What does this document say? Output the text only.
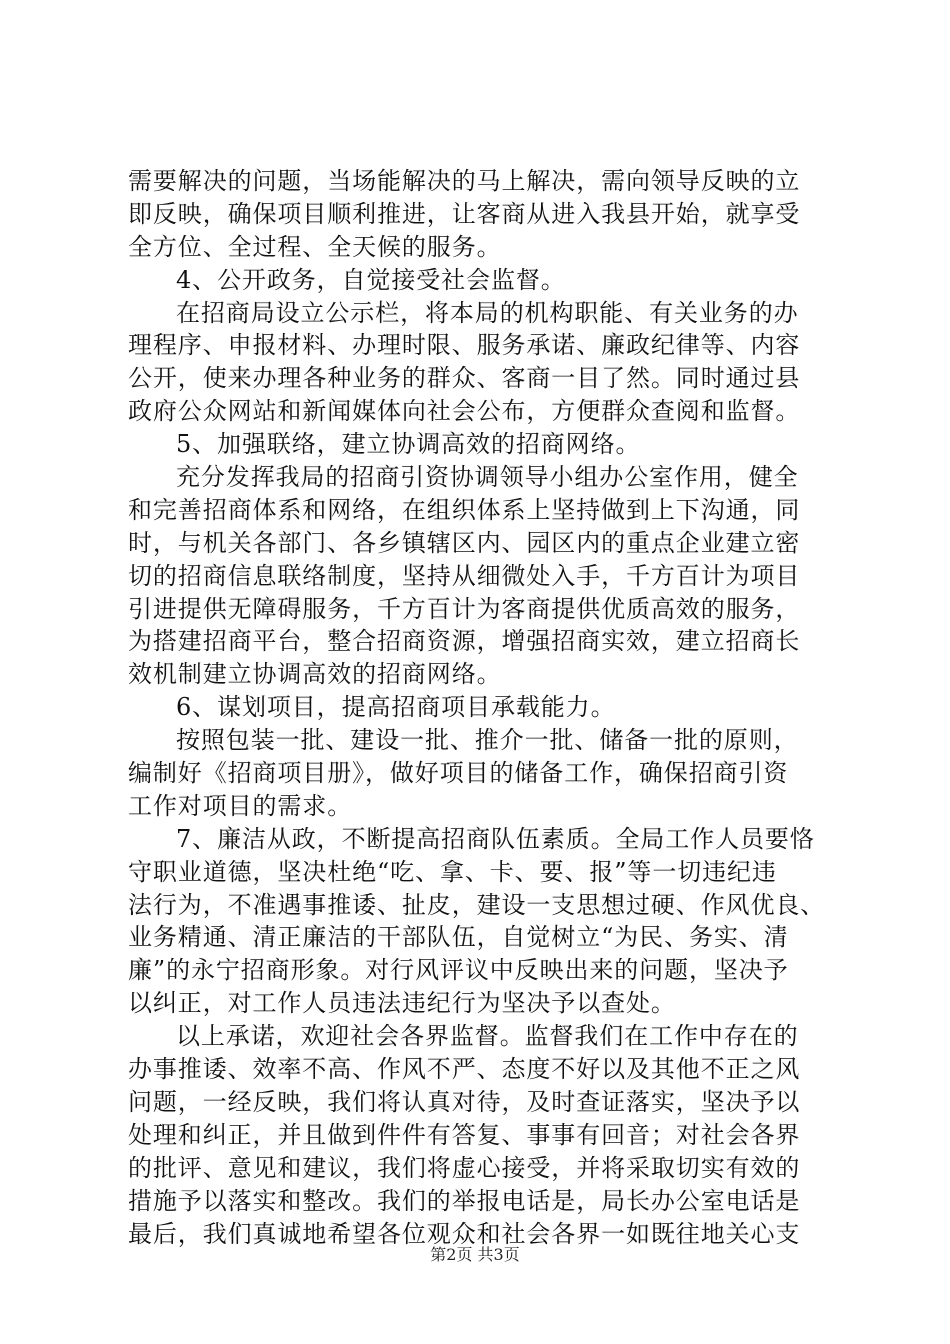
需要解决的问题，当场能解决的马上解决，需向领导反映的立
即反映，确保项目顺利推进，让客商从进入我县开始，就享受
全方位、全过程、全天候的服务。
4、公开政务，自觉接受社会监督。
在招商局设立公示栏，将本局的机构职能、有关业务的办
理程序、申报材料、办理时限、服务承诺、廉政纪律等、内容
公开，使来办理各种业务的群众、客商一目了然。同时通过县
政府公众网站和新闻媒体向社会公布，方便群众查阅和监督。
5、加强联络，建立协调高效的招商网络。
充分发挥我局的招商引资协调领导小组办公室作用，健全
和完善招商体系和网络，在组织体系上坚持做到上下沟通，同
时，与机关各部门、各乡镇辖区内、园区内的重点企业建立密
切的招商信息联络制度，坚持从细微处入手，千方百计为项目
引进提供无障碍服务，千方百计为客商提供优质高效的服务，
为搭建招商平台，整合招商资源，增强招商实效，建立招商长
效机制建立协调高效的招商网络。
6、谋划项目，提高招商项目承载能力。
按照包装一批、建设一批、推介一批、储备一批的原则，
编制好《招商项目册》，做好项目的储备工作，确保招商引资
工作对项目的需求。
7、廉洁从政，不断提高招商队伍素质。全局工作人员要恪
守职业道德，坚决杜绝“吃、拿、卡、要、报”等一切违纪违
法行为，不准遇事推诿、扯皮，建设一支思想过硬、作风优良、
业务精通、清正廉洁的干部队伍，自觉树立“为民、务实、清
廉”的永宁招商形象。对行风评议中反映出来的问题，坚决予
以纠正，对工作人员违法违纪行为坚决予以查处。
以上承诺，欢迎社会各界监督。监督我们在工作中存在的
办事推诿、效率不高、作风不严、态度不好以及其他不正之风
问题，一经反映，我们将认真对待，及时查证落实，坚决予以
处理和纠正，并且做到件件有答复、事事有回音；对社会各界
的批评、意见和建议，我们将虚心接受，并将采取切实有效的
措施予以落实和整改。我们的举报电话是，局长办公室电话是
最后，我们真诚地希望各位观众和社会各界一如既往地关心支
第2页 共3页
